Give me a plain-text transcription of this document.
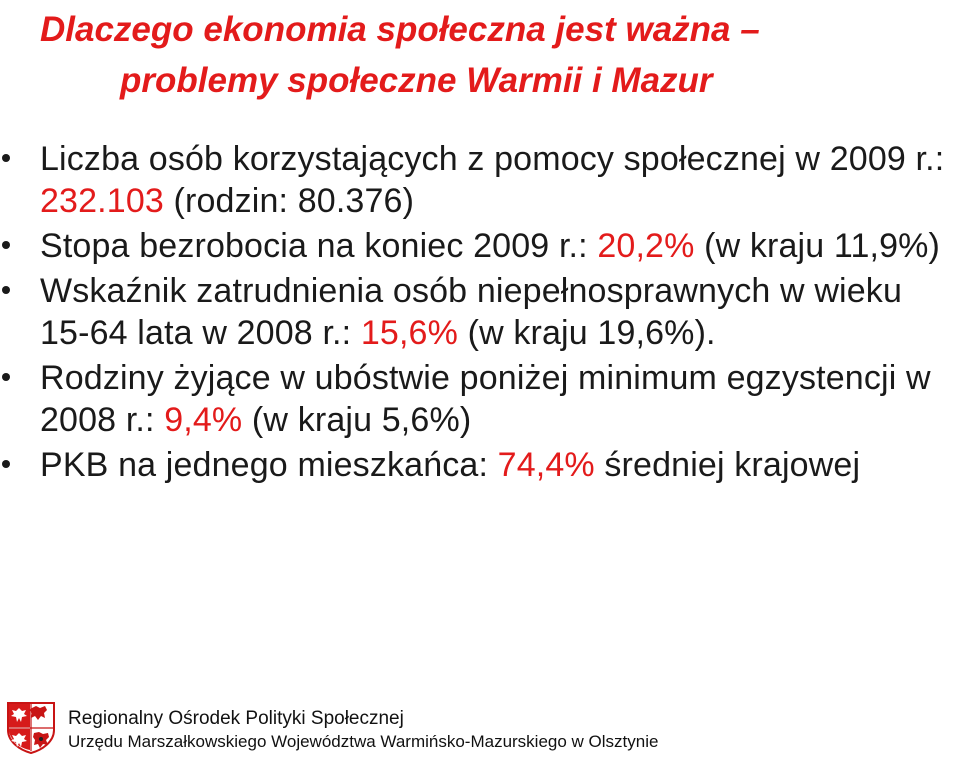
Dlaczego ekonomia społeczna jest ważna –
problemy społeczne Warmii i Mazur
Liczba osób korzystających z pomocy społecznej w 2009 r.: 232.103 (rodzin: 80.376)
Stopa bezrobocia na koniec 2009 r.: 20,2% (w kraju 11,9%)
Wskaźnik zatrudnienia osób niepełnosprawnych w wieku 15-64 lata w 2008 r.: 15,6% (w kraju 19,6%).
Rodziny żyjące w ubóstwie poniżej minimum egzystencji w 2008 r.: 9,4% (w kraju 5,6%)
PKB na jednego mieszkańca: 74,4% średniej krajowej
Regionalny Ośrodek Polityki Społecznej
Urzędu Marszałkowskiego Województwa Warmińsko-Mazurskiego w Olsztynie
